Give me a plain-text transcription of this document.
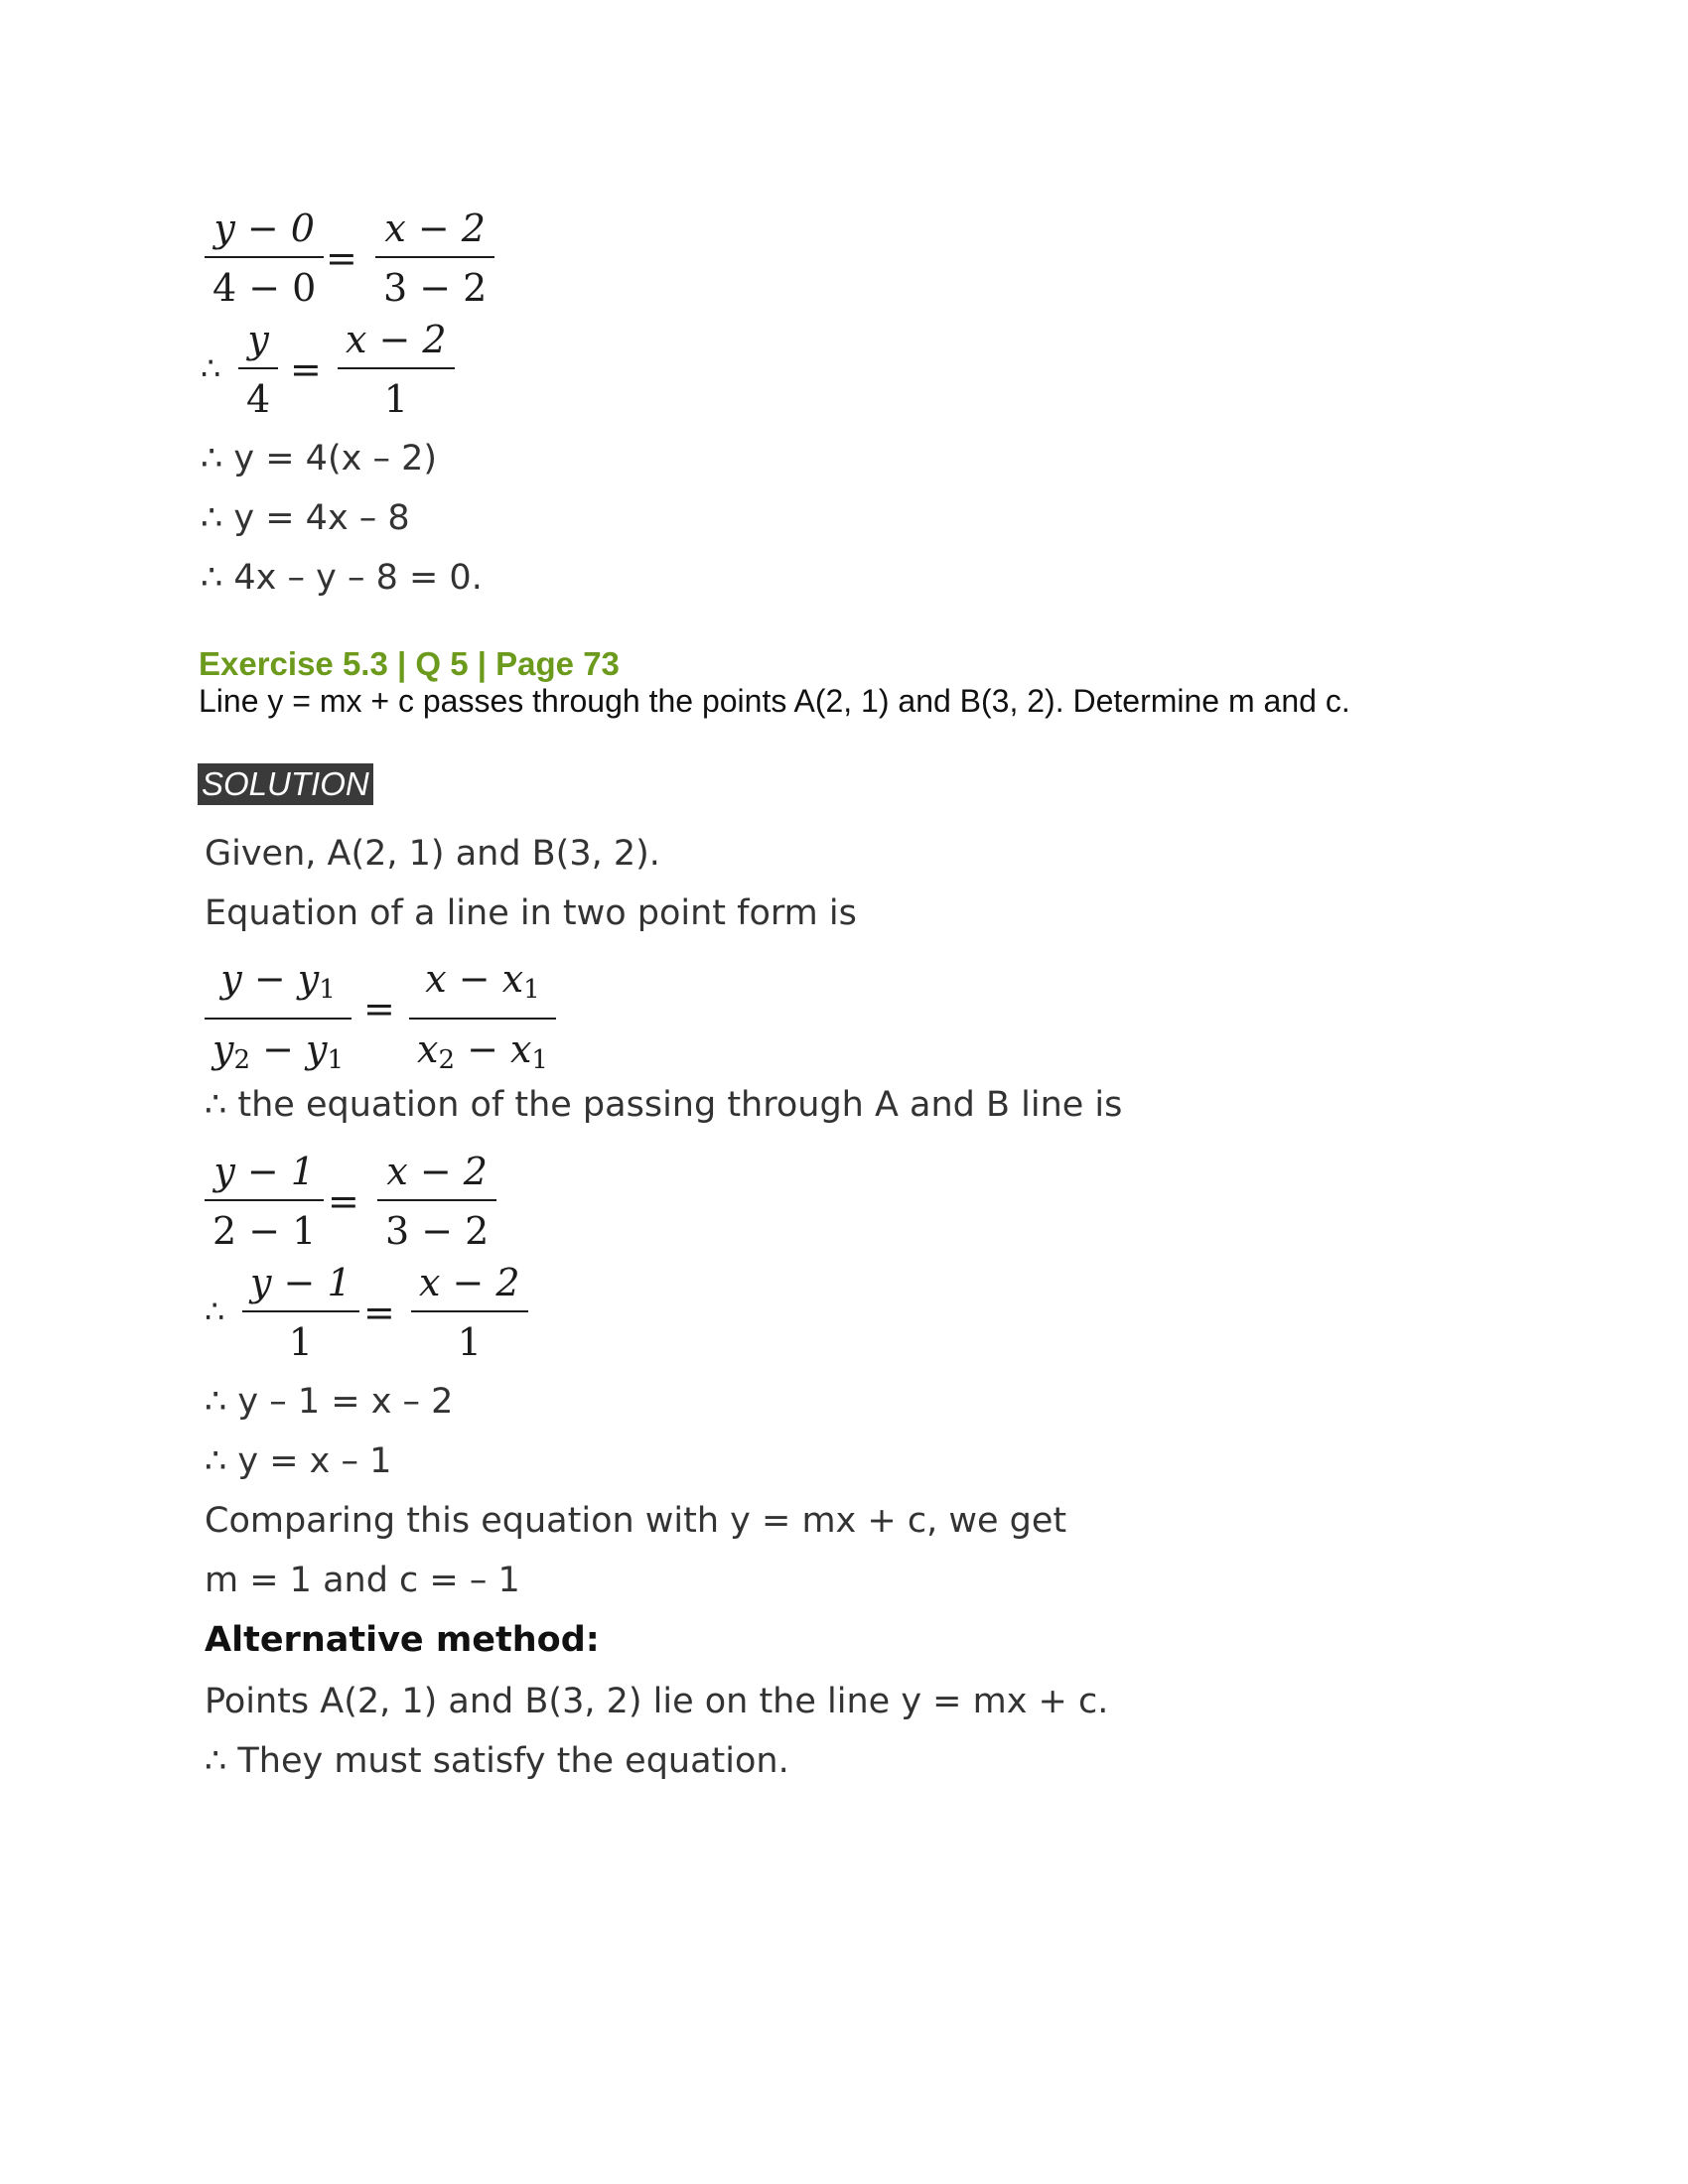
y − 0
4 − 0
=
x − 2
3 − 2
∴
y
4
=
x − 2
1
∴ y = 4(x – 2)
∴ y = 4x – 8
∴ 4x – y – 8 = 0.
Exercise 5.3 | Q 5 | Page 73
Line y = mx + c passes through the points A(2, 1) and B(3, 2). Determine m and c.
SOLUTION
Given, A(2, 1) and B(3, 2).
Equation of a line in two point form is
$y - y_1$
$y_2 - y_1$
=
$x - x_1$
$x_2 - x_1$
∴ the equation of the passing through A and B line is
y − 1
2 − 1
=
x − 2
3 − 2
∴
y − 1
1
=
x − 2
1
∴ y – 1 = x – 2
∴ y = x – 1
Comparing this equation with y = mx + c, we get
m = 1 and c = – 1
Alternative method:
Points A(2, 1) and B(3, 2) lie on the line y = mx + c.
∴ They must satisfy the equation.
